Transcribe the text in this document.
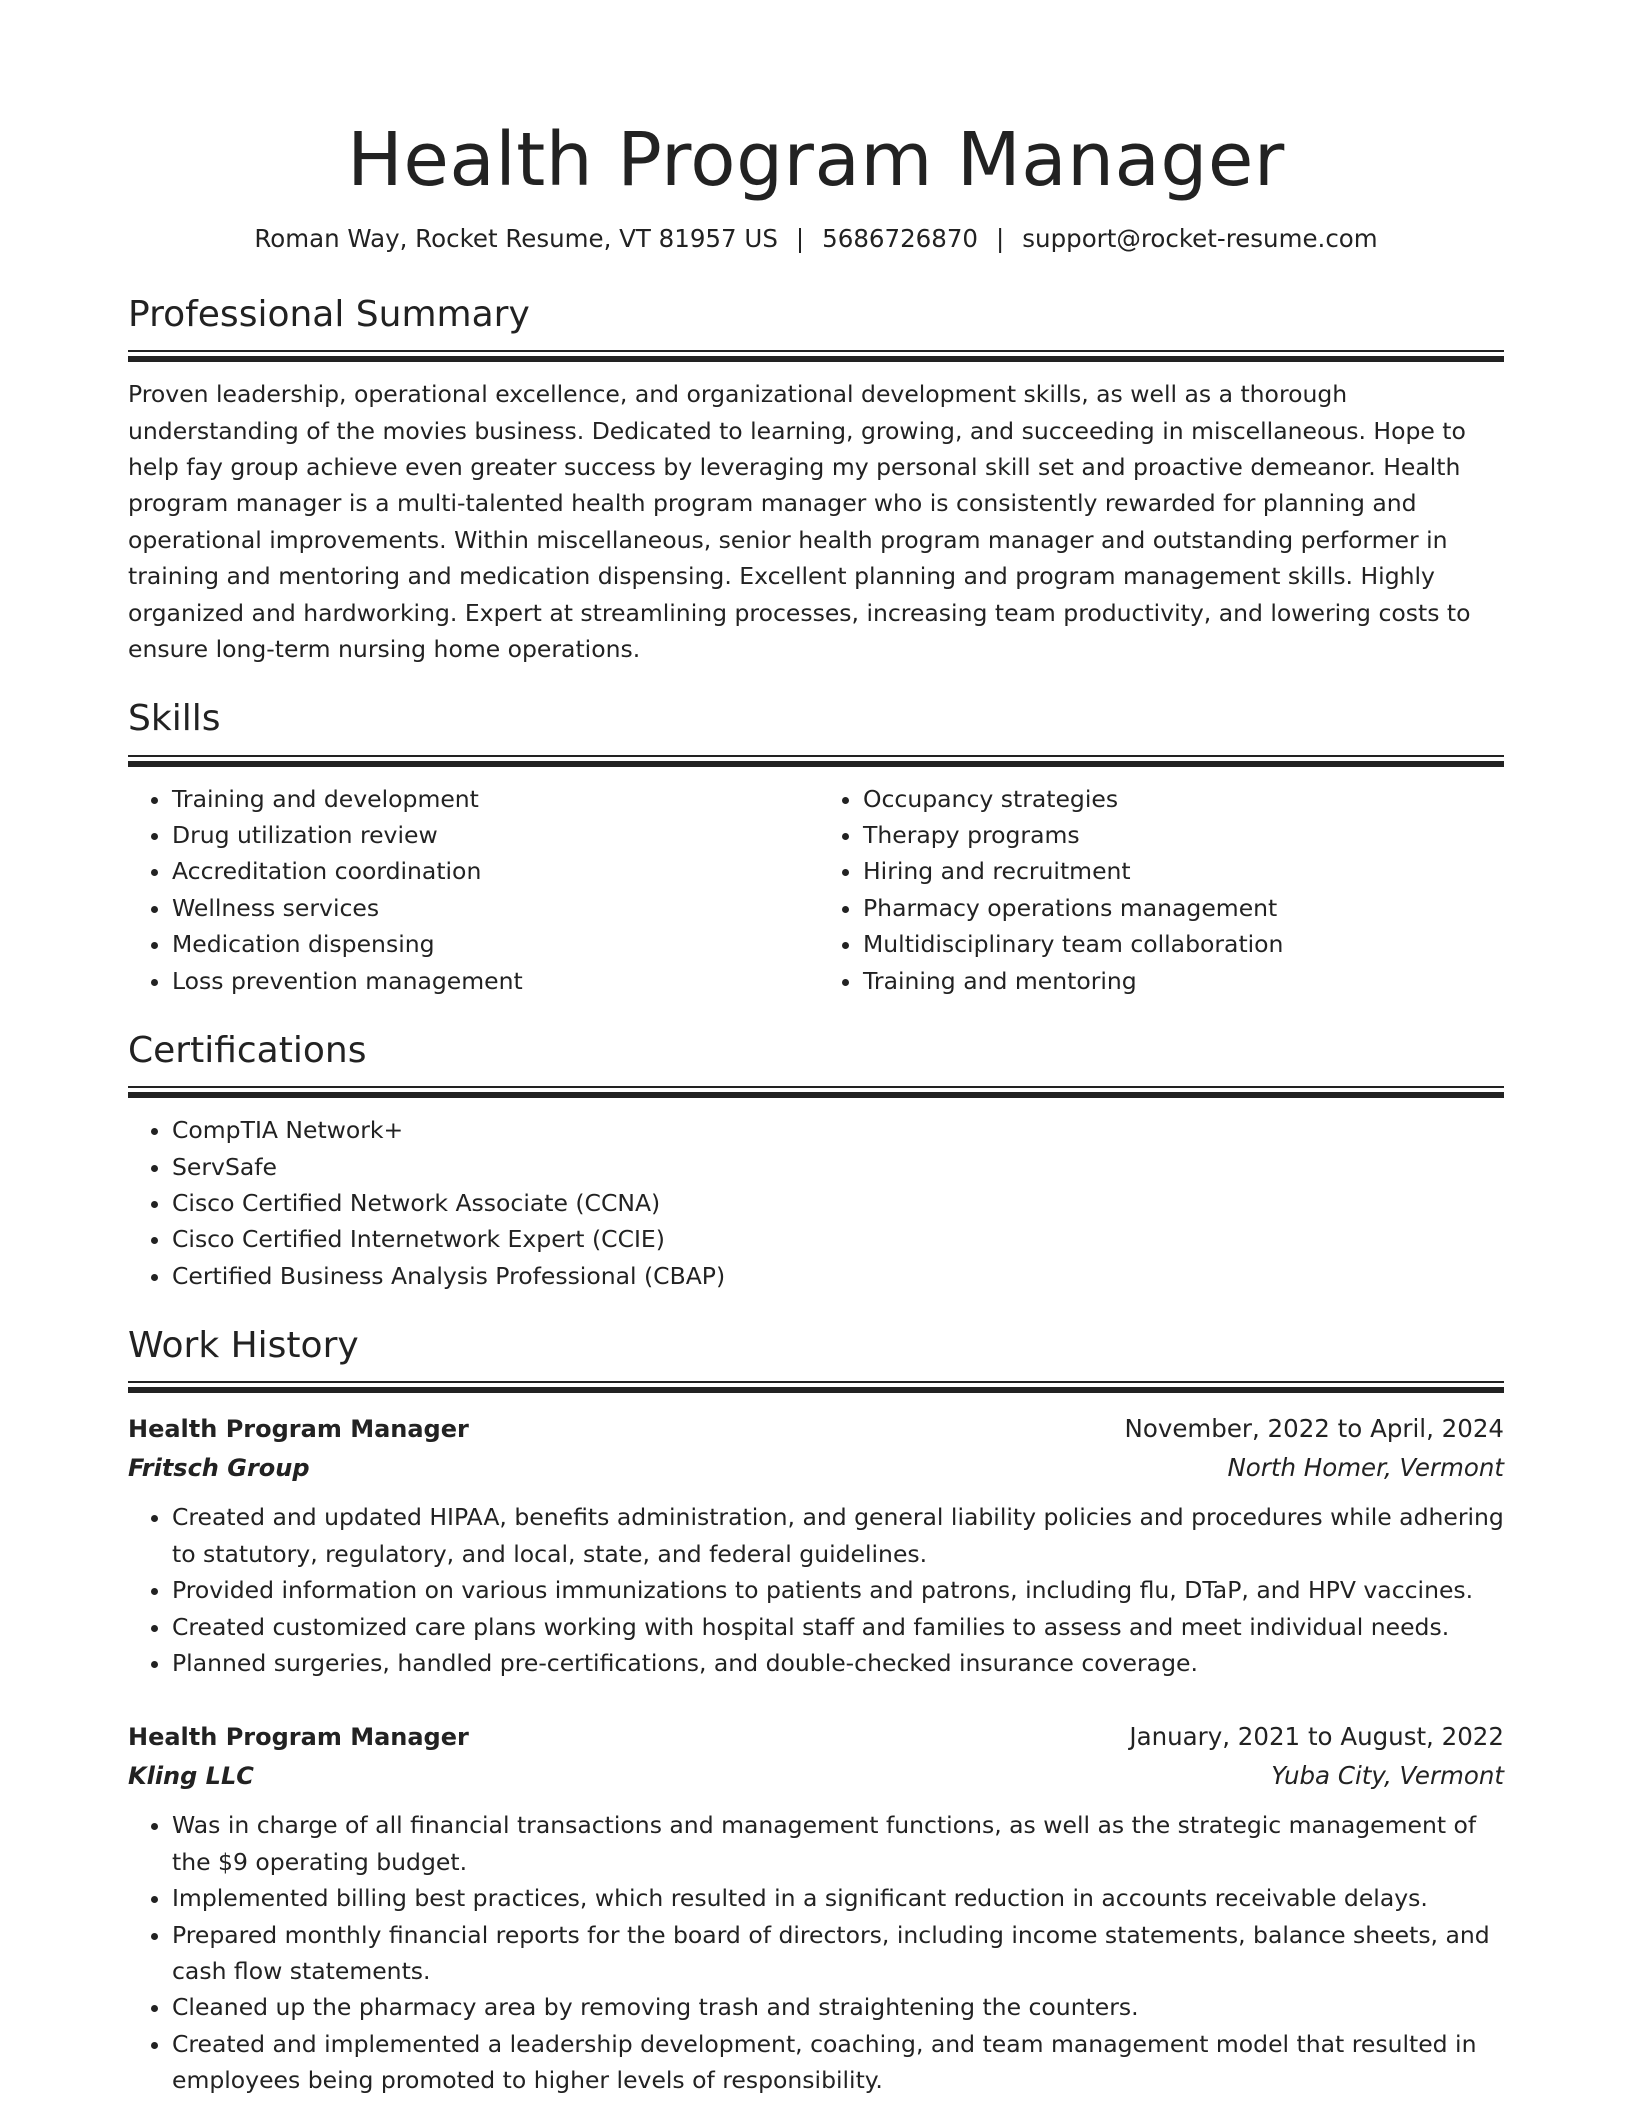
Health Program Manager
Roman Way, Rocket Resume, VT 81957 US | 5686726870 | support@rocket-resume.com
Professional Summary

Proven leadership, operational excellence, and organizational development skills, as well as a thorough understanding of the movies business. Dedicated to learning, growing, and succeeding in miscellaneous. Hope to help fay group achieve even greater success by leveraging my personal skill set and proactive demeanor. Health program manager is a multi-talented health program manager who is consistently rewarded for planning and operational improvements. Within miscellaneous, senior health program manager and outstanding performer in training and mentoring and medication dispensing. Excellent planning and program management skills. Highly organized and hardworking. Expert at streamlining processes, increasing team productivity, and lowering costs to ensure long-term nursing home operations.

Skills
• Training and development
• Drug utilization review
• Accreditation coordination
• Wellness services
• Medication dispensing
• Loss prevention management
• Occupancy strategies
• Therapy programs
• Hiring and recruitment
• Pharmacy operations management
• Multidisciplinary team collaboration
• Training and mentoring
Certifications
• CompTIA Network+
• ServSafe
• Cisco Certified Network Associate (CCNA)
• Cisco Certified Internetwork Expert (CCIE)
• Certified Business Analysis Professional (CBAP)
Work History
Health Program Manager	November, 2022 to April, 2024
Fritsch Group	North Homer, Vermont
• Created and updated HIPAA, benefits administration, and general liability policies and procedures while adhering to statutory, regulatory, and local, state, and federal guidelines.
• Provided information on various immunizations to patients and patrons, including flu, DTaP, and HPV vaccines.
• Created customized care plans working with hospital staff and families to assess and meet individual needs.
• Planned surgeries, handled pre-certifications, and double-checked insurance coverage.
Health Program Manager	January, 2021 to August, 2022
Kling LLC	Yuba City, Vermont
• Was in charge of all financial transactions and management functions, as well as the strategic management of the $9 operating budget.
• Implemented billing best practices, which resulted in a significant reduction in accounts receivable delays.
• Prepared monthly financial reports for the board of directors, including income statements, balance sheets, and cash flow statements.
• Cleaned up the pharmacy area by removing trash and straightening the counters.
• Created and implemented a leadership development, coaching, and team management model that resulted in employees being promoted to higher levels of responsibility.
